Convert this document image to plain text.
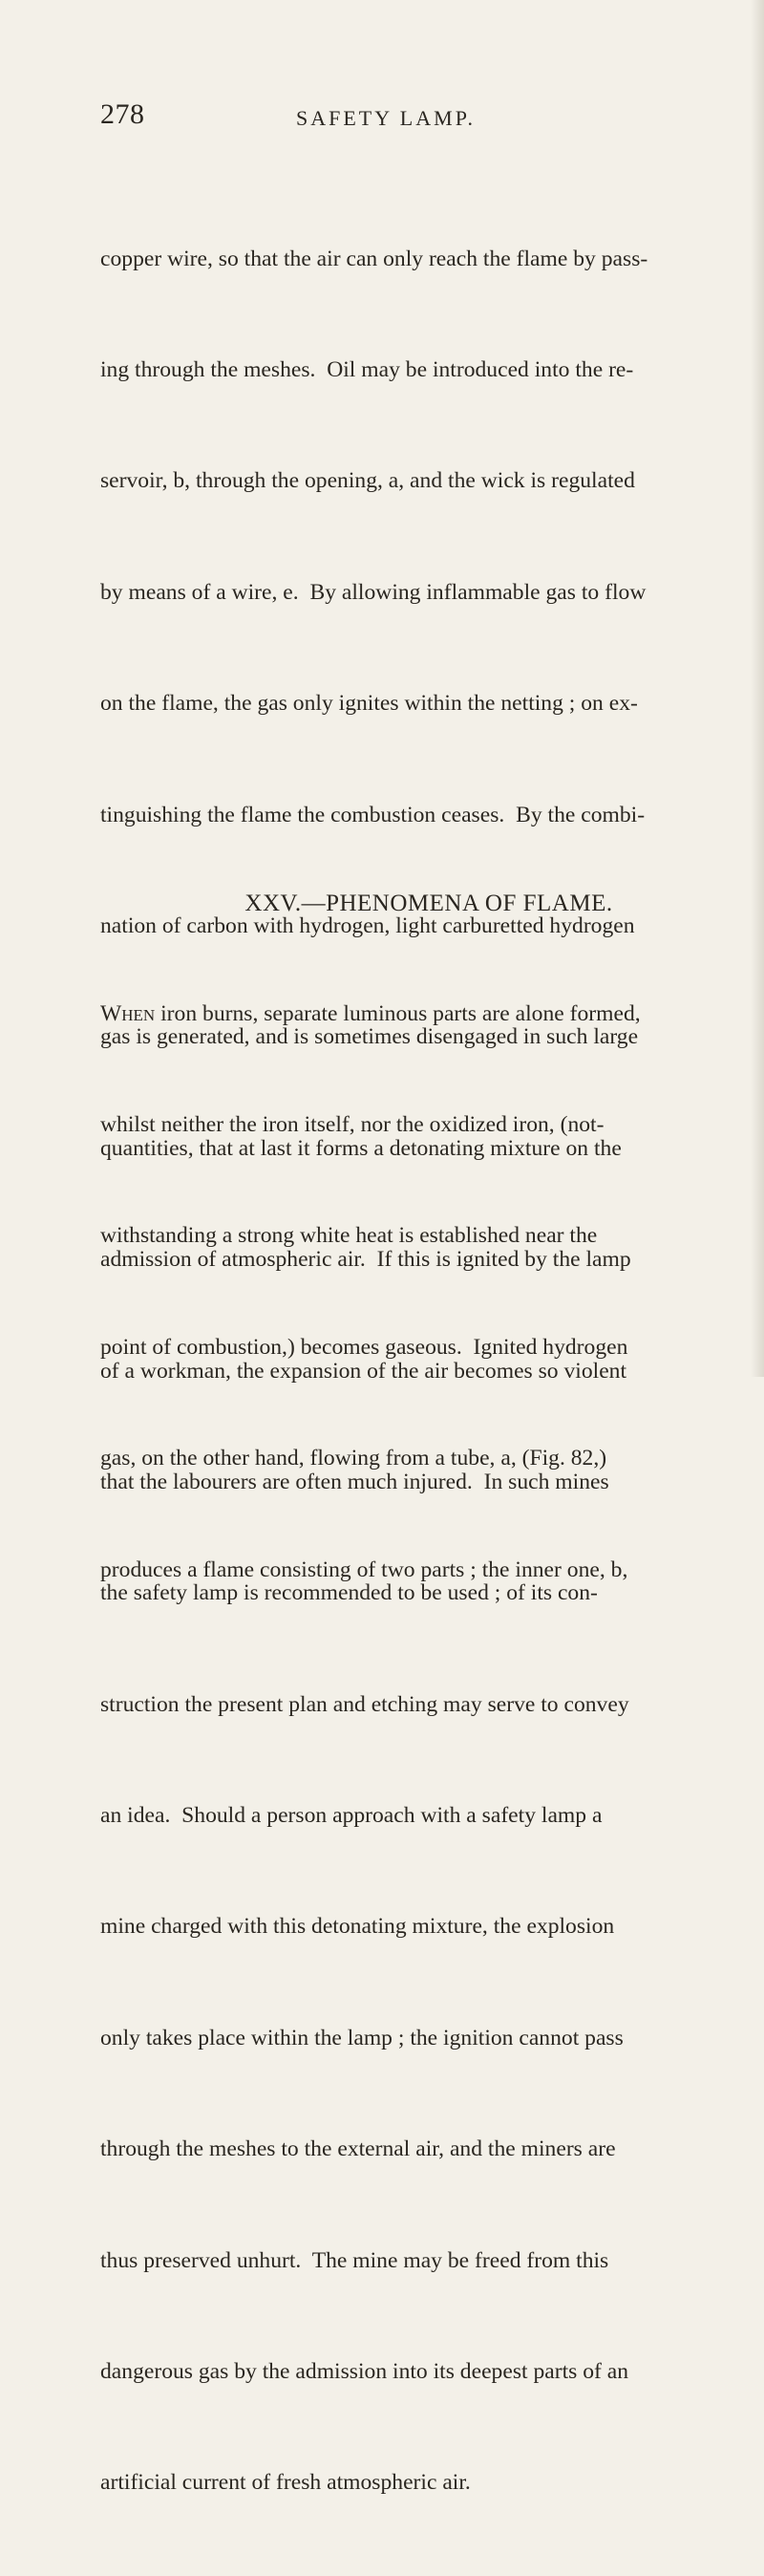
278	SAFETY LAMP.

copper wire, so that the air can only reach the flame by pass-

ing through the meshes.  Oil may be introduced into the re-

servoir, b, through the opening, a, and the wick is regulated

by means of a wire, e.  By allowing inflammable gas to flow

on the flame, the gas only ignites within the netting ; on ex-

tinguishing the flame the combustion ceases.  By the combi-

nation of carbon with hydrogen, light carburetted hydrogen

gas is generated, and is sometimes disengaged in such large

quantities, that at last it forms a detonating mixture on the

admission of atmospheric air.  If this is ignited by the lamp

of a workman, the expansion of the air becomes so violent

that the labourers are often much injured.  In such mines

the safety lamp is recommended to be used ; of its con-

struction the present plan and etching may serve to convey

an idea.  Should a person approach with a safety lamp a

mine charged with this detonating mixture, the explosion

only takes place within the lamp ; the ignition cannot pass

through the meshes to the external air, and the miners are

thus preserved unhurt.  The mine may be freed from this

dangerous gas by the admission into its deepest parts of an

artificial current of fresh atmospheric air.

XXV.—PHENOMENA OF FLAME.

When iron burns, separate luminous parts are alone formed,

whilst neither the iron itself, nor the oxidized iron, (not-

withstanding a strong white heat is established near the

point of combustion,) becomes gaseous.  Ignited hydrogen

gas, on the other hand, flowing from a tube, a, (Fig. 82,)

produces a flame consisting of two parts ; the inner one, b,
